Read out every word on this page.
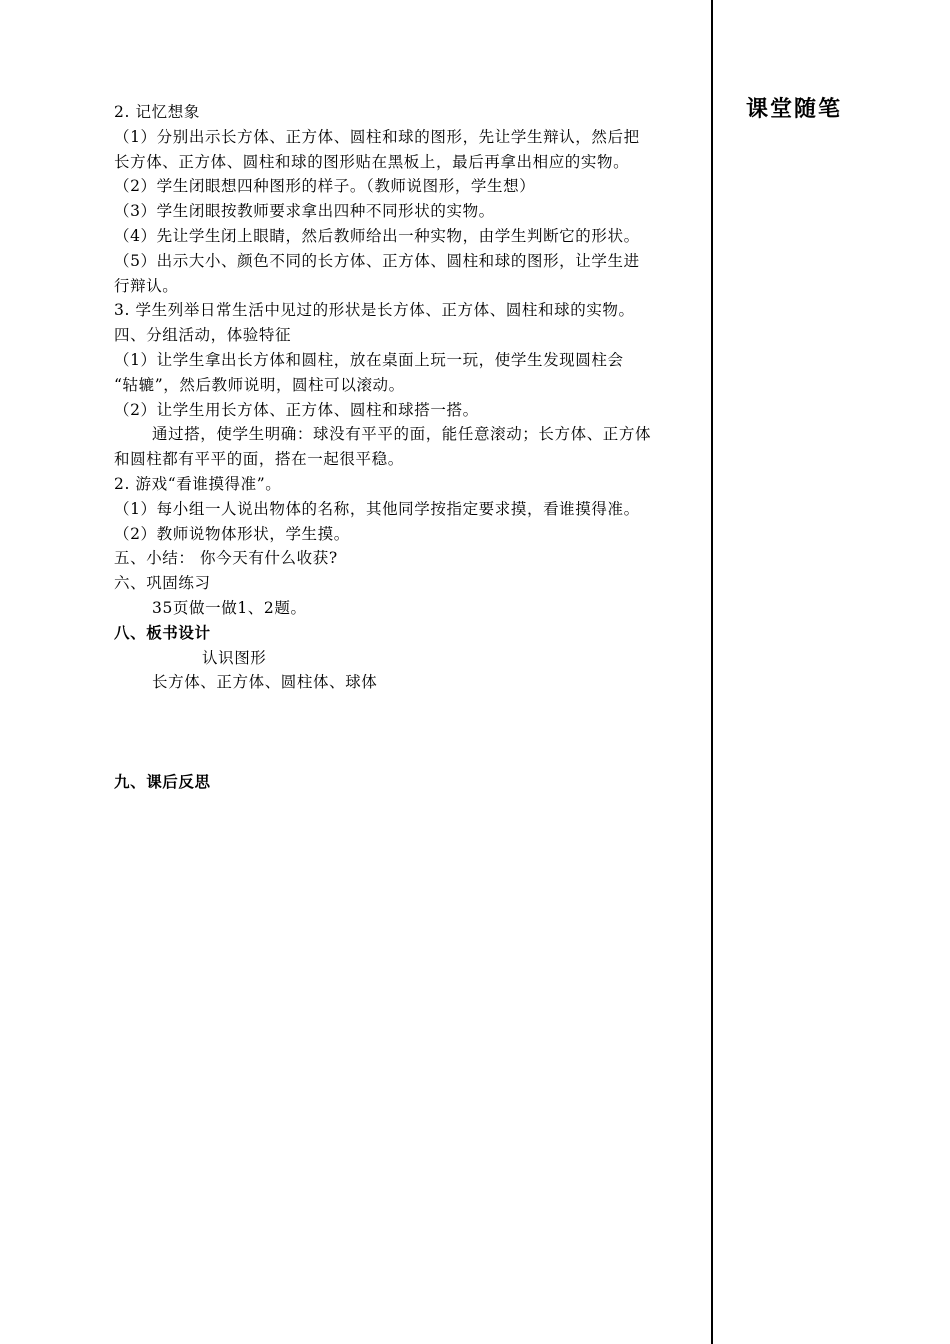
课堂随笔
2. 记忆想象
（1）分别出示长方体、正方体、圆柱和球的图形，先让学生辩认，然后把
长方体、正方体、圆柱和球的图形贴在黑板上，最后再拿出相应的实物。
（2）学生闭眼想四种图形的样子。（教师说图形，学生想）
（3）学生闭眼按教师要求拿出四种不同形状的实物。
（4）先让学生闭上眼睛，然后教师给出一种实物，由学生判断它的形状。
（5）出示大小、颜色不同的长方体、正方体、圆柱和球的图形，让学生进
行辩认。
3. 学生列举日常生活中见过的形状是长方体、正方体、圆柱和球的实物。
四、分组活动，体验特征
（1）让学生拿出长方体和圆柱，放在桌面上玩一玩，使学生发现圆柱会
“轱辘”，然后教师说明，圆柱可以滚动。
（2）让学生用长方体、正方体、圆柱和球搭一搭。
通过搭，使学生明确：球没有平平的面，能任意滚动；长方体、正方体
和圆柱都有平平的面，搭在一起很平稳。
2. 游戏“看谁摸得准”。
（1）每小组一人说出物体的名称，其他同学按指定要求摸，看谁摸得准。
（2）教师说物体形状，学生摸。
五、小结： 你今天有什么收获?
六、巩固练习
35页做一做1、2题。
八、板书设计
认识图形
长方体、正方体、圆柱体、球体
九、课后反思
